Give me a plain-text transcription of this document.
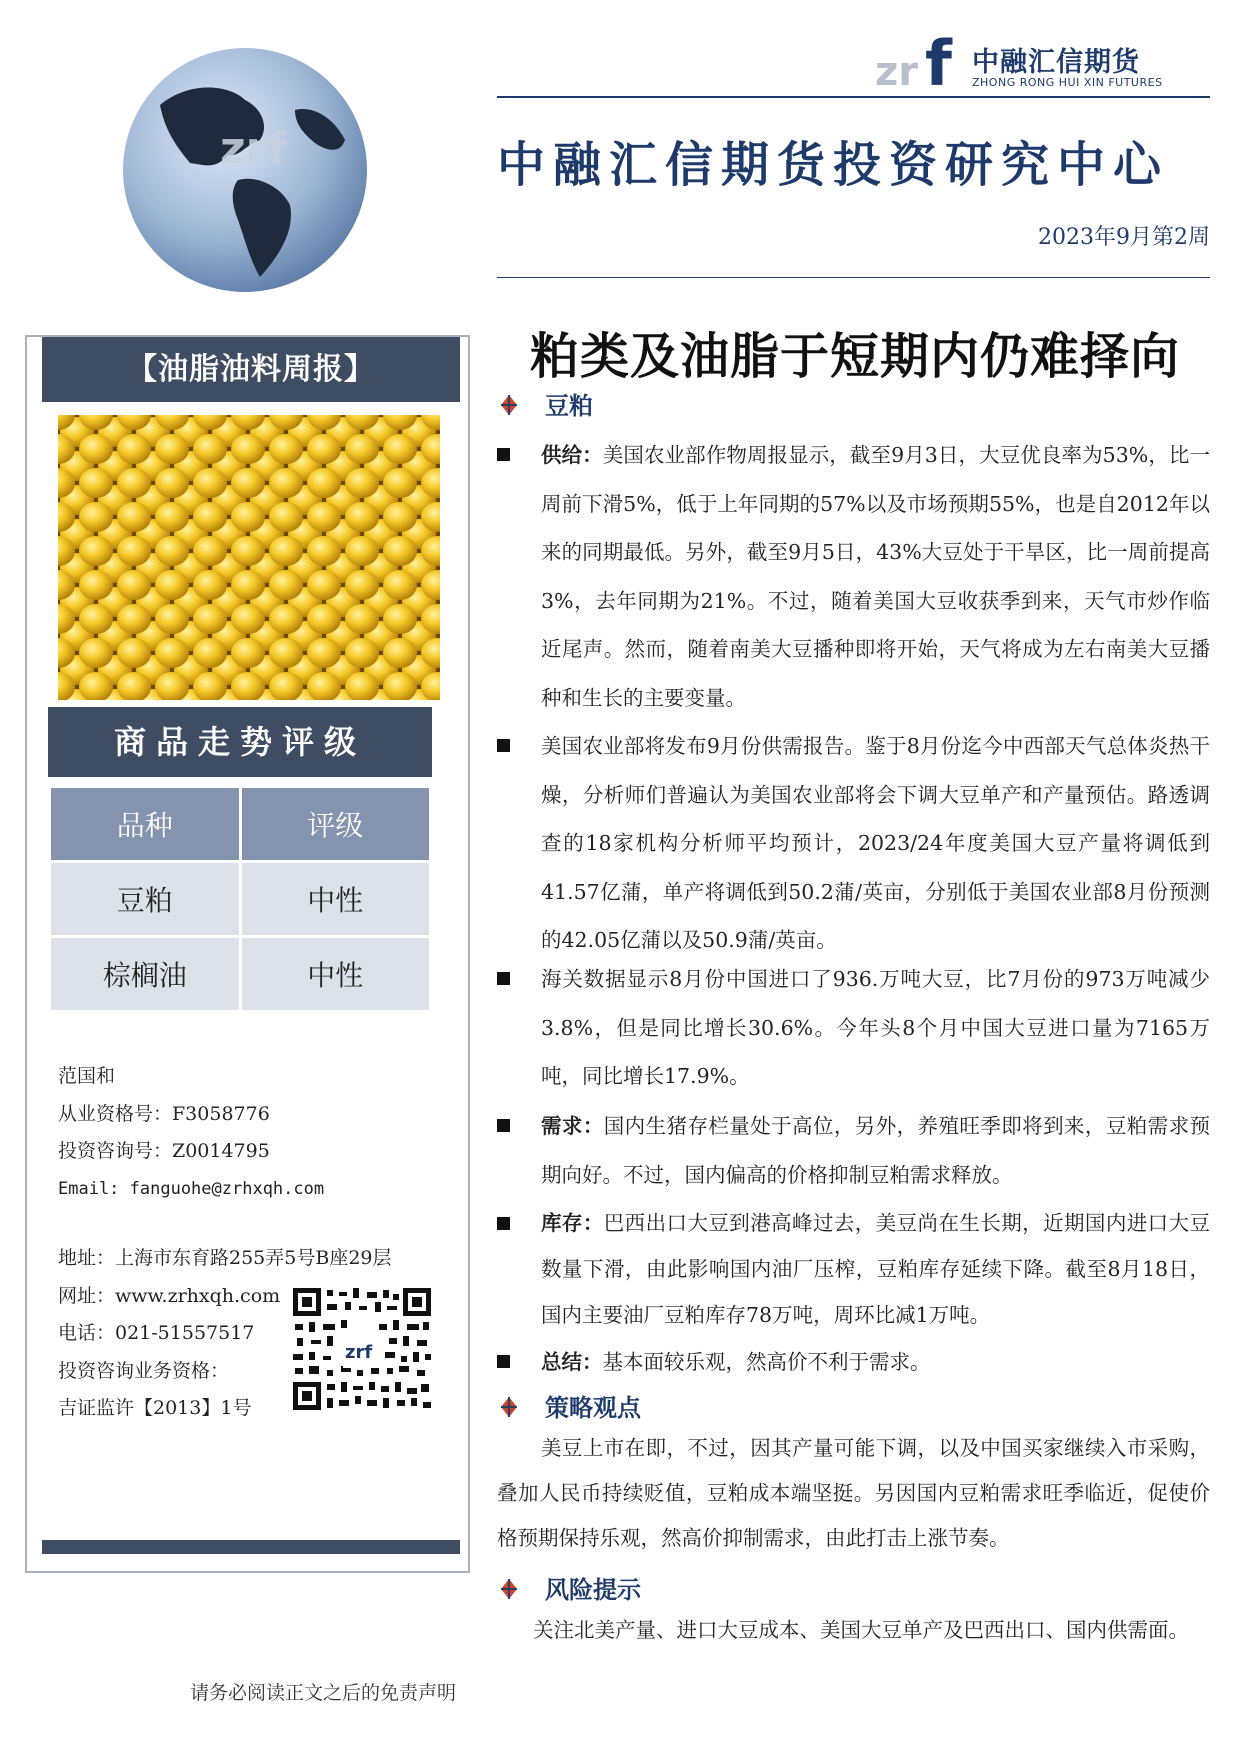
zrf
zr f 中融汇信期货
ZHONG RONG HUI XIN FUTURES
中融汇信期货投资研究中心
2023年9月第2周
【油脂油料周报】
商品走势评级
品种	评级
豆粕	中性
棕榈油	中性
范国和
从业资格号：F3058776
投资咨询号：Z0014795
Email: fanguohe@zrhxqh.com
地址：上海市东育路255弄5号B座29层
网址：www.zrhxqh.com
电话：021-51557517
投资咨询业务资格：
吉证监许【2013】1号
zrf
粕类及油脂于短期内仍难择向
豆粕
供给：美国农业部作物周报显示，截至9月3日，大豆优良率为53%，比一周前下滑5%，低于上年同期的57%以及市场预期55%，也是自2012年以来的同期最低。另外，截至9月5日，43%大豆处于干旱区，比一周前提高3%，去年同期为21%。不过，随着美国大豆收获季到来，天气市炒作临近尾声。然而，随着南美大豆播种即将开始，天气将成为左右南美大豆播种和生长的主要变量。
美国农业部将发布9月份供需报告。鉴于8月份迄今中西部天气总体炎热干燥，分析师们普遍认为美国农业部将会下调大豆单产和产量预估。路透调查的18家机构分析师平均预计，2023/24年度美国大豆产量将调低到41.57亿蒲，单产将调低到50.2蒲/英亩，分别低于美国农业部8月份预测的42.05亿蒲以及50.9蒲/英亩。
海关数据显示8月份中国进口了936.万吨大豆，比7月份的973万吨减少3.8%，但是同比增长30.6%。今年头8个月中国大豆进口量为7165万吨，同比增长17.9%。
需求：国内生猪存栏量处于高位，另外，养殖旺季即将到来，豆粕需求预期向好。不过，国内偏高的价格抑制豆粕需求释放。
库存：巴西出口大豆到港高峰过去，美豆尚在生长期，近期国内进口大豆数量下滑，由此影响国内油厂压榨，豆粕库存延续下降。截至8月18日，国内主要油厂豆粕库存78万吨，周环比减1万吨。
总结：基本面较乐观，然高价不利于需求。
策略观点
美豆上市在即，不过，因其产量可能下调，以及中国买家继续入市采购，叠加人民币持续贬值，豆粕成本端坚挺。另因国内豆粕需求旺季临近，促使价格预期保持乐观，然高价抑制需求，由此打击上涨节奏。
风险提示
关注北美产量、进口大豆成本、美国大豆单产及巴西出口、国内供需面。
请务必阅读正文之后的免责声明
